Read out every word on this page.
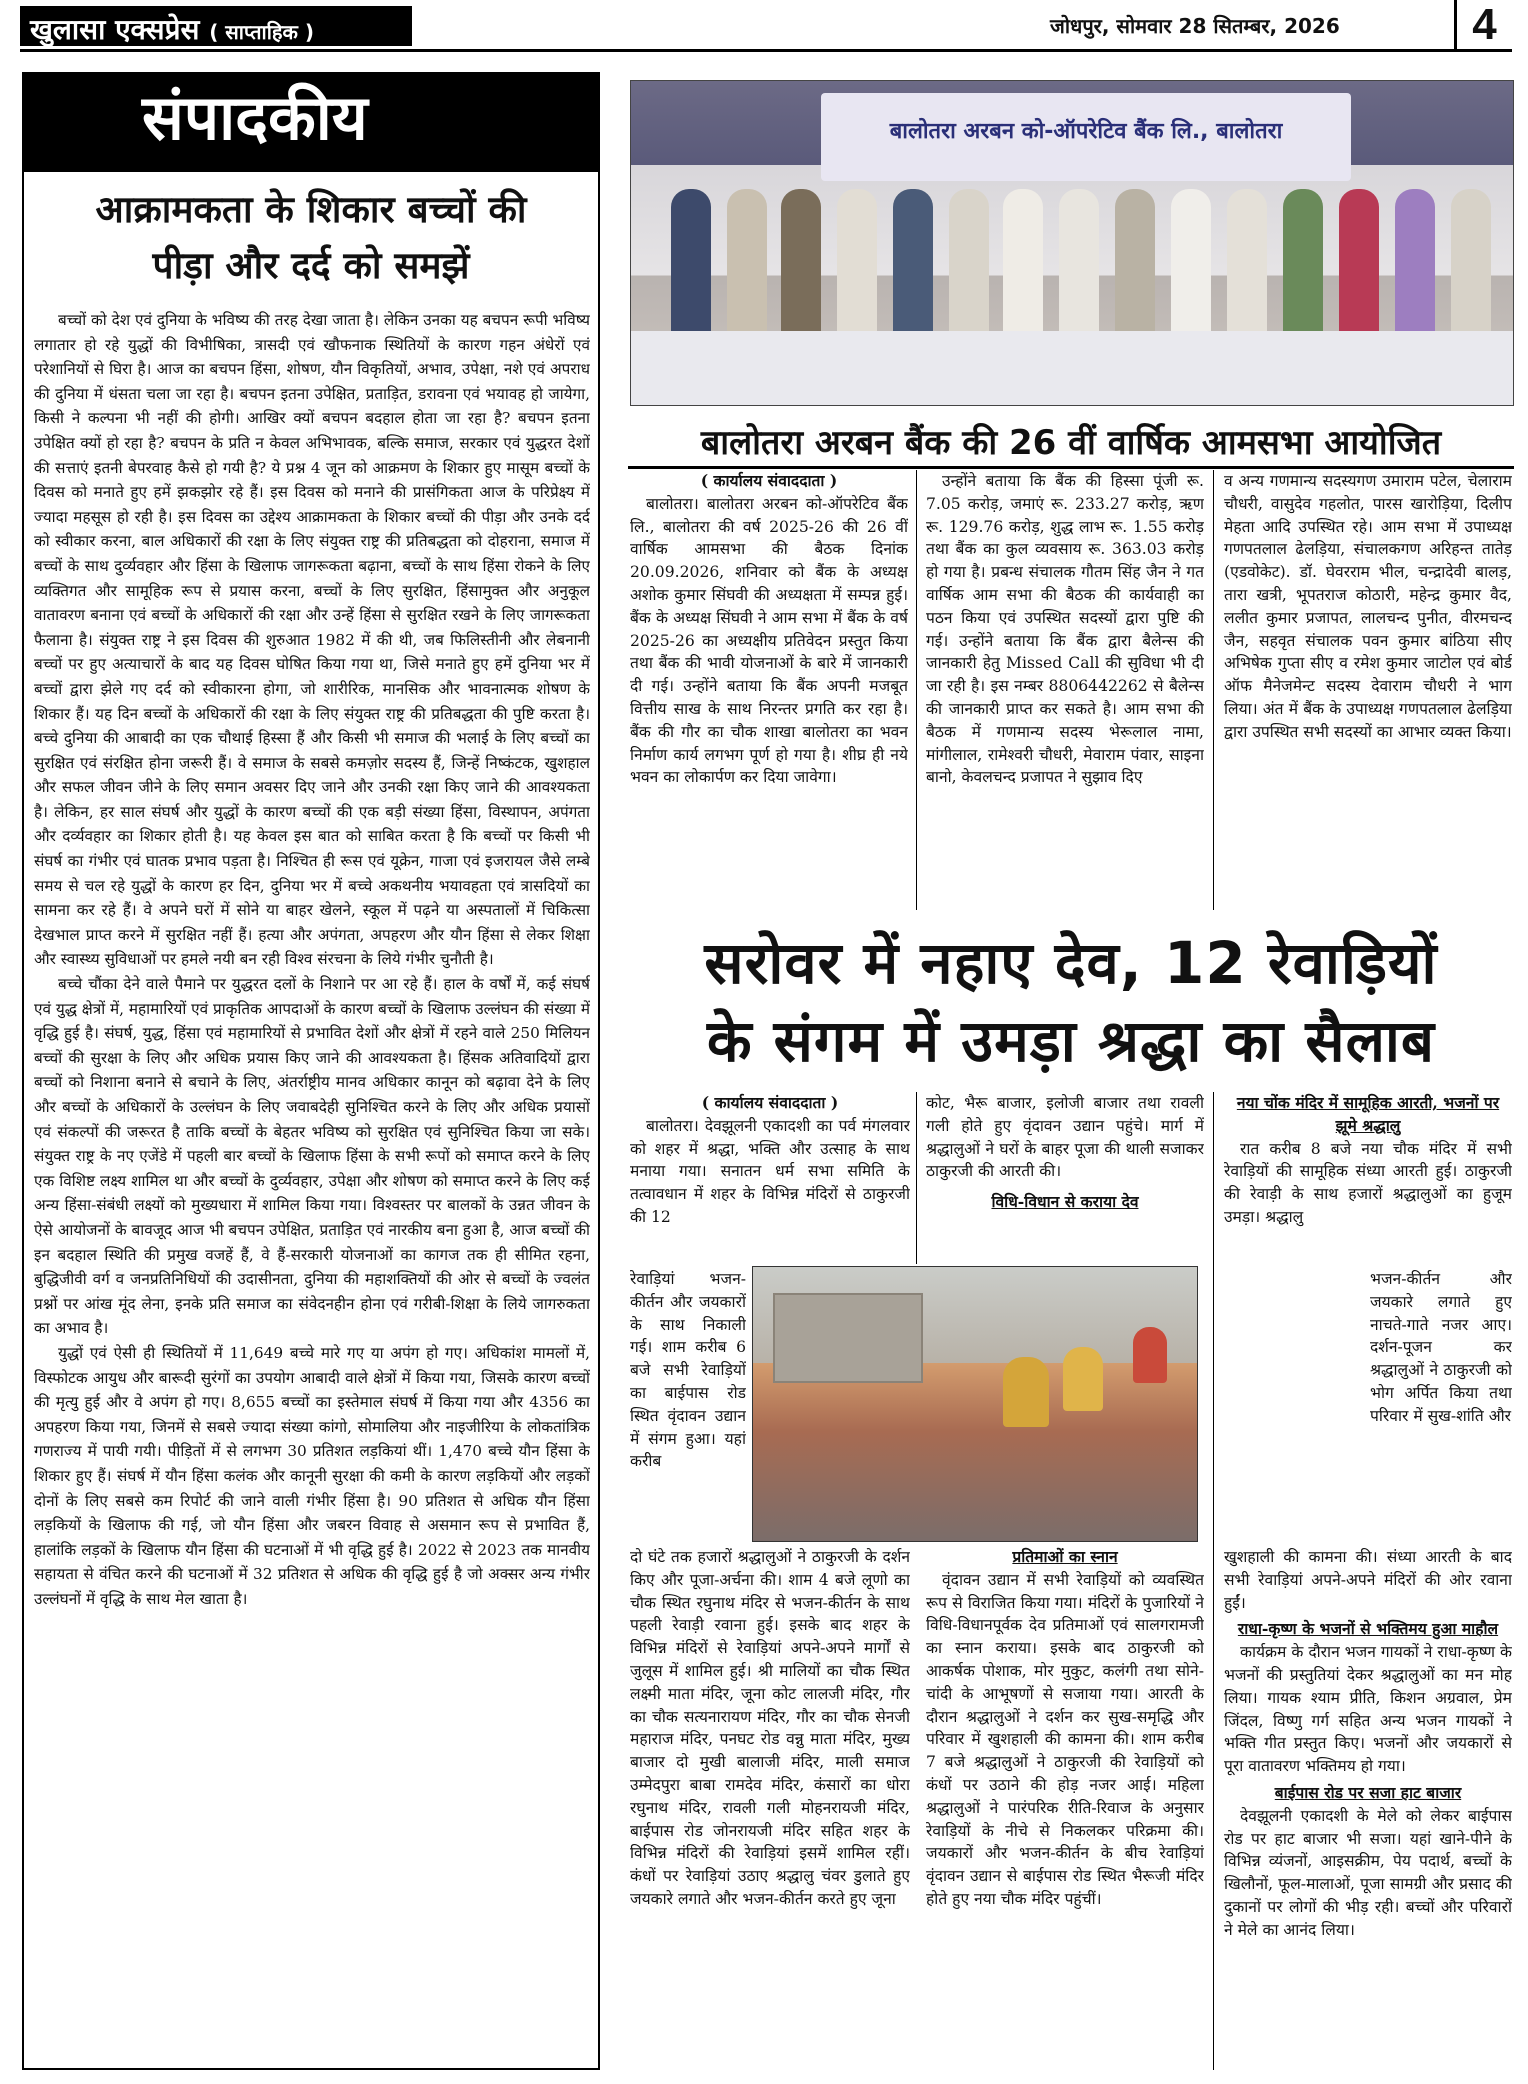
खुलासा एक्सप्रेस ( साप्ताहिक )	जोधपुर, सोमवार 28 सितम्बर, 2026	4
संपादकीय
आक्रामकता के शिकार बच्चों की
पीड़ा और दर्द को समझें

बच्चों को देश एवं दुनिया के भविष्य की तरह देखा जाता है। लेकिन उनका यह बचपन रूपी भविष्य लगातार हो रहे युद्धों की विभीषिका, त्रासदी एवं खौफनाक स्थितियों के कारण गहन अंधेरों एवं परेशानियों से घिरा है। आज का बचपन हिंसा, शोषण, यौन विकृतियों, अभाव, उपेक्षा, नशे एवं अपराध की दुनिया में धंसता चला जा रहा है। बचपन इतना उपेक्षित, प्रताड़ित, डरावना एवं भयावह हो जायेगा, किसी ने कल्पना भी नहीं की होगी। आखिर क्यों बचपन बदहाल होता जा रहा है? बचपन इतना उपेक्षित क्यों हो रहा है? बचपन के प्रति न केवल अभिभावक, बल्कि समाज, सरकार एवं युद्धरत देशों की सत्ताएं इतनी बेपरवाह कैसे हो गयी है? ये प्रश्न 4 जून को आक्रमण के शिकार हुए मासूम बच्चों के दिवस को मनाते हुए हमें झकझोर रहे हैं। इस दिवस को मनाने की प्रासंगिकता आज के परिप्रेक्ष्य में ज्यादा महसूस हो रही है। इस दिवस का उद्देश्य आक्रामकता के शिकार बच्चों की पीड़ा और उनके दर्द को स्वीकार करना, बाल अधिकारों की रक्षा के लिए संयुक्त राष्ट्र की प्रतिबद्धता को दोहराना, समाज में बच्चों के साथ दुर्व्यवहार और हिंसा के खिलाफ जागरूकता बढ़ाना, बच्चों के साथ हिंसा रोकने के लिए व्यक्तिगत और सामूहिक रूप से प्रयास करना, बच्चों के लिए सुरक्षित, हिंसामुक्त और अनुकूल वातावरण बनाना एवं बच्चों के अधिकारों की रक्षा और उन्हें हिंसा से सुरक्षित रखने के लिए जागरूकता फैलाना है। संयुक्त राष्ट्र ने इस दिवस की शुरुआत 1982 में की थी, जब फिलिस्तीनी और लेबनानी बच्चों पर हुए अत्याचारों के बाद यह दिवस घोषित किया गया था, जिसे मनाते हुए हमें दुनिया भर में बच्चों द्वारा झेले गए दर्द को स्वीकारना होगा, जो शारीरिक, मानसिक और भावनात्मक शोषण के शिकार हैं। यह दिन बच्चों के अधिकारों की रक्षा के लिए संयुक्त राष्ट्र की प्रतिबद्धता की पुष्टि करता है। बच्चे दुनिया की आबादी का एक चौथाई हिस्सा हैं और किसी भी समाज की भलाई के लिए बच्चों का सुरक्षित एवं संरक्षित होना जरूरी हैं। वे समाज के सबसे कमज़ोर सदस्य हैं, जिन्हें निष्कंटक, खुशहाल और सफल जीवन जीने के लिए समान अवसर दिए जाने और उनकी रक्षा किए जाने की आवश्यकता है। लेकिन, हर साल संघर्ष और युद्धों के कारण बच्चों की एक बड़ी संख्या हिंसा, विस्थापन, अपंगता और दर्व्यवहार का शिकार होती है। यह केवल इस बात को साबित करता है कि बच्चों पर किसी भी संघर्ष का गंभीर एवं घातक प्रभाव पड़ता है। निश्चित ही रूस एवं यूक्रेन, गाजा एवं इजरायल जैसे लम्बे समय से चल रहे युद्धों के कारण हर दिन, दुनिया भर में बच्चे अकथनीय भयावहता एवं त्रासदियों का सामना कर रहे हैं। वे अपने घरों में सोने या बाहर खेलने, स्कूल में पढ़ने या अस्पतालों में चिकित्सा देखभाल प्राप्त करने में सुरक्षित नहीं हैं। हत्या और अपंगता, अपहरण और यौन हिंसा से लेकर शिक्षा और स्वास्थ्य सुविधाओं पर हमले नयी बन रही विश्व संरचना के लिये गंभीर चुनौती है।

बच्चे चौंका देने वाले पैमाने पर युद्धरत दलों के निशाने पर आ रहे हैं। हाल के वर्षों में, कई संघर्ष एवं युद्ध क्षेत्रों में, महामारियों एवं प्राकृतिक आपदाओं के कारण बच्चों के खिलाफ उल्लंघन की संख्या में वृद्धि हुई है। संघर्ष, युद्ध, हिंसा एवं महामारियों से प्रभावित देशों और क्षेत्रों में रहने वाले 250 मिलियन बच्चों की सुरक्षा के लिए और अधिक प्रयास किए जाने की आवश्यकता है। हिंसक अतिवादियों द्वारा बच्चों को निशाना बनाने से बचाने के लिए, अंतर्राष्ट्रीय मानव अधिकार कानून को बढ़ावा देने के लिए और बच्चों के अधिकारों के उल्लंघन के लिए जवाबदेही सुनिश्चित करने के लिए और अधिक प्रयासों एवं संकल्पों की जरूरत है ताकि बच्चों के बेहतर भविष्य को सुरक्षित एवं सुनिश्चित किया जा सके। संयुक्त राष्ट्र के नए एजेंडे में पहली बार बच्चों के खिलाफ हिंसा के सभी रूपों को समाप्त करने के लिए एक विशिष्ट लक्ष्य शामिल था और बच्चों के दुर्व्यवहार, उपेक्षा और शोषण को समाप्त करने के लिए कई अन्य हिंसा-संबंधी लक्ष्यों को मुख्यधारा में शामिल किया गया। विश्वस्तर पर बालकों के उन्नत जीवन के ऐसे आयोजनों के बावजूद आज भी बचपन उपेक्षित, प्रताड़ित एवं नारकीय बना हुआ है, आज बच्चों की इन बदहाल स्थिति की प्रमुख वजहें हैं, वे हैं-सरकारी योजनाओं का कागज तक ही सीमित रहना, बुद्धिजीवी वर्ग व जनप्रतिनिधियों की उदासीनता, दुनिया की महाशक्तियों की ओर से बच्चों के ज्वलंत प्रश्नों पर आंख मूंद लेना, इनके प्रति समाज का संवेदनहीन होना एवं गरीबी-शिक्षा के लिये जागरुकता का अभाव है।

युद्धों एवं ऐसी ही स्थितियों में 11,649 बच्चे मारे गए या अपंग हो गए। अधिकांश मामलों में, विस्फोटक आयुध और बारूदी सुरंगों का उपयोग आबादी वाले क्षेत्रों में किया गया, जिसके कारण बच्चों की मृत्यु हुई और वे अपंग हो गए। 8,655 बच्चों का इस्तेमाल संघर्ष में किया गया और 4356 का अपहरण किया गया, जिनमें से सबसे ज्यादा संख्या कांगो, सोमालिया और नाइजीरिया के लोकतांत्रिक गणराज्य में पायी गयी। पीड़ितों में से लगभग 30 प्रतिशत लड़कियां थीं। 1,470 बच्चे यौन हिंसा के शिकार हुए हैं। संघर्ष में यौन हिंसा कलंक और कानूनी सुरक्षा की कमी के कारण लड़कियों और लड़कों दोनों के लिए सबसे कम रिपोर्ट की जाने वाली गंभीर हिंसा है। 90 प्रतिशत से अधिक यौन हिंसा लड़कियों के खिलाफ की गई, जो यौन हिंसा और जबरन विवाह से असमान रूप से प्रभावित हैं, हालांकि लड़कों के खिलाफ यौन हिंसा की घटनाओं में भी वृद्धि हुई है। 2022 से 2023 तक मानवीय सहायता से वंचित करने की घटनाओं में 32 प्रतिशत से अधिक की वृद्धि हुई है जो अक्सर अन्य गंभीर उल्लंघनों में वृद्धि के साथ मेल खाता है।

बालोतरा अरबन को-ऑपरेटिव बैंक लि., बालोतरा
बालोतरा अरबन बैंक की 26 वीं वार्षिक आमसभा आयोजित
( कार्यालय संवाददाता )

बालोतरा। बालोतरा अरबन को-ऑपरेटिव बैंक लि., बालोतरा की वर्ष 2025-26 की 26 वीं वार्षिक आमसभा की बैठक दिनांक 20.09.2026, शनिवार को बैंक के अध्यक्ष अशोक कुमार सिंघवी की अध्यक्षता में सम्पन्न हुई। बैंक के अध्यक्ष सिंघवी ने आम सभा में बैंक के वर्ष 2025-26 का अध्यक्षीय प्रतिवेदन प्रस्तुत किया तथा बैंक की भावी योजनाओं के बारे में जानकारी दी गई। उन्होंने बताया कि बैंक अपनी मजबूत वित्तीय साख के साथ निरन्तर प्रगति कर रहा है। बैंक की गौर का चौक शाखा बालोतरा का भवन निर्माण कार्य लगभग पूर्ण हो गया है। शीघ्र ही नये भवन का लोकार्पण कर दिया जावेगा।

उन्होंने बताया कि बैंक की हिस्सा पूंजी रू. 7.05 करोड़, जमाएं रू. 233.27 करोड़, ऋण रू. 129.76 करोड़, शुद्ध लाभ रू. 1.55 करोड़ तथा बैंक का कुल व्यवसाय रू. 363.03 करोड़ हो गया है। प्रबन्ध संचालक गौतम सिंह जैन ने गत वार्षिक आम सभा की बैठक की कार्यवाही का पठन किया एवं उपस्थित सदस्यों द्वारा पुष्टि की गई। उन्होंने बताया कि बैंक द्वारा बैलेन्स की जानकारी हेतु Missed Call की सुविधा भी दी जा रही है। इस नम्बर 8806442262 से बैलेन्स की जानकारी प्राप्त कर सकते है। आम सभा की बैठक में गणमान्य सदस्य भेरूलाल नामा, मांगीलाल, रामेश्वरी चौधरी, मेवाराम पंवार, साइना बानो, केवलचन्द प्रजापत ने सुझाव दिए

व अन्य गणमान्य सदस्यगण उमाराम पटेल, चेलाराम चौधरी, वासुदेव गहलोत, पारस खारोड़िया, दिलीप मेहता आदि उपस्थित रहे। आम सभा में उपाध्यक्ष गणपतलाल ढेलड़िया, संचालकगण अरिहन्त तातेड़ (एडवोकेट). डॉ. घेवरराम भील, चन्द्रादेवी बालड़, तारा खत्री, भूपतराज कोठारी, महेन्द्र कुमार वैद, ललीत कुमार प्रजापत, लालचन्द पुनीत, वीरमचन्द जैन, सहवृत संचालक पवन कुमार बांठिया सीए अभिषेक गुप्ता सीए व रमेश कुमार जाटोल एवं बोर्ड ऑफ मैनेजमेन्ट सदस्य देवाराम चौधरी ने भाग लिया। अंत में बैंक के उपाध्यक्ष गणपतलाल ढेलड़िया द्वारा उपस्थित सभी सदस्यों का आभार व्यक्त किया।

सरोवर में नहाए देव, 12 रेवाड़ियों
के संगम में उमड़ा श्रद्धा का सैलाब
( कार्यालय संवाददाता )

बालोतरा। देवझूलनी एकादशी का पर्व मंगलवार को शहर में श्रद्धा, भक्ति और उत्साह के साथ मनाया गया। सनातन धर्म सभा समिति के तत्वावधान में शहर के विभिन्न मंदिरों से ठाकुरजी की 12

रेवाड़ियां भजन-कीर्तन और जयकारों के साथ निकाली गई। शाम करीब 6 बजे सभी रेवाड़ियों का बाईपास रोड स्थित वृंदावन उद्यान में संगम हुआ। यहां करीब

दो घंटे तक हजारों श्रद्धालुओं ने ठाकुरजी के दर्शन किए और पूजा-अर्चना की। शाम 4 बजे लूणो का चौक स्थित रघुनाथ मंदिर से भजन-कीर्तन के साथ पहली रेवाड़ी रवाना हुई। इसके बाद शहर के विभिन्न मंदिरों से रेवाड़ियां अपने-अपने मार्गों से जुलूस में शामिल हुई। श्री मालियों का चौक स्थित लक्ष्मी माता मंदिर, जूना कोट लालजी मंदिर, गौर का चौक सत्यनारायण मंदिर, गौर का चौक सेनजी महाराज मंदिर, पनघट रोड वन्नु माता मंदिर, मुख्य बाजार दो मुखी बालाजी मंदिर, माली समाज उम्मेदपुरा बाबा रामदेव मंदिर, कंसारों का धोरा रघुनाथ मंदिर, रावली गली मोहनरायजी मंदिर, बाईपास रोड जोनरायजी मंदिर सहित शहर के विभिन्न मंदिरों की रेवाड़ियां इसमें शामिल रहीं। कंधों पर रेवाड़ियां उठाए श्रद्धालु चंवर डुलाते हुए जयकारे लगाते और भजन-कीर्तन करते हुए जूना

कोट, भैरू बाजार, इलोजी बाजार तथा रावली गली होते हुए वृंदावन उद्यान पहुंचे। मार्ग में श्रद्धालुओं ने घरों के बाहर पूजा की थाली सजाकर ठाकुरजी की आरती की।

विधि-विधान से कराया देव
प्रतिमाओं का स्नान

वृंदावन उद्यान में सभी रेवाड़ियों को व्यवस्थित रूप से विराजित किया गया। मंदिरों के पुजारियों ने विधि-विधानपूर्वक देव प्रतिमाओं एवं सालगरामजी का स्नान कराया। इसके बाद ठाकुरजी को आकर्षक पोशाक, मोर मुकुट, कलंगी तथा सोने-चांदी के आभूषणों से सजाया गया। आरती के दौरान श्रद्धालुओं ने दर्शन कर सुख-समृद्धि और परिवार में खुशहाली की कामना की। शाम करीब 7 बजे श्रद्धालुओं ने ठाकुरजी की रेवाड़ियों को कंधों पर उठाने की होड़ नजर आई। महिला श्रद्धालुओं ने पारंपरिक रीति-रिवाज के अनुसार रेवाड़ियों के नीचे से निकलकर परिक्रमा की। जयकारों और भजन-कीर्तन के बीच रेवाड़ियां वृंदावन उद्यान से बाईपास रोड स्थित भैरूजी मंदिर होते हुए नया चौक मंदिर पहुंचीं।

नया चोंक मंदिर में सामूहिक आरती, भजनों पर झूमे श्रद्धालु

रात करीब 8 बजे नया चौक मंदिर में सभी रेवाड़ियों की सामूहिक संध्या आरती हुई। ठाकुरजी की रेवाड़ी के साथ हजारों श्रद्धालुओं का हुजूम उमड़ा। श्रद्धालु

भजन-कीर्तन और जयकारे लगाते हुए नाचते-गाते नजर आए। दर्शन-पूजन कर श्रद्धालुओं ने ठाकुरजी को भोग अर्पित किया तथा परिवार में सुख-शांति और

खुशहाली की कामना की। संध्या आरती के बाद सभी रेवाड़ियां अपने-अपने मंदिरों की ओर रवाना हुईं।

राधा-कृष्ण के भजनों से भक्तिमय हुआ माहौल

कार्यक्रम के दौरान भजन गायकों ने राधा-कृष्ण के भजनों की प्रस्तुतियां देकर श्रद्धालुओं का मन मोह लिया। गायक श्याम प्रीति, किशन अग्रवाल, प्रेम जिंदल, विष्णु गर्ग सहित अन्य भजन गायकों ने भक्ति गीत प्रस्तुत किए। भजनों और जयकारों से पूरा वातावरण भक्तिमय हो गया।

बाईपास रोड पर सजा हाट बाजार

देवझूलनी एकादशी के मेले को लेकर बाईपास रोड पर हाट बाजार भी सजा। यहां खाने-पीने के विभिन्न व्यंजनों, आइसक्रीम, पेय पदार्थ, बच्चों के खिलौनों, फूल-मालाओं, पूजा सामग्री और प्रसाद की दुकानों पर लोगों की भीड़ रही। बच्चों और परिवारों ने मेले का आनंद लिया।
